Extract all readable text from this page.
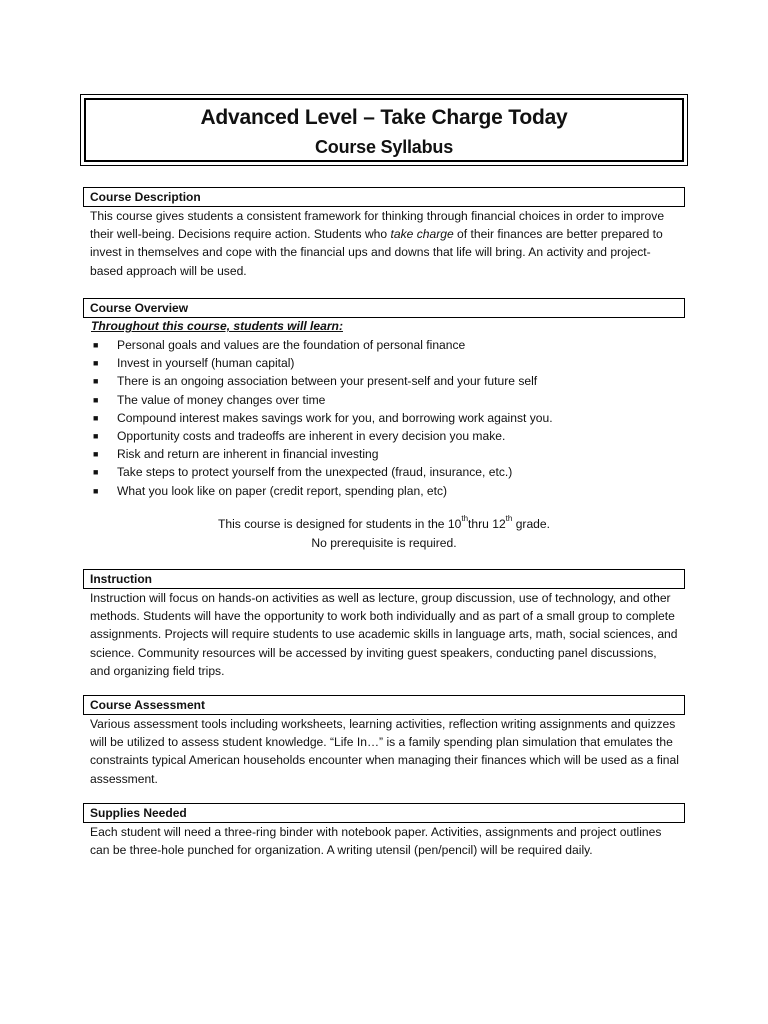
Advanced Level – Take Charge Today
Course Syllabus
Course Description
This course gives students a consistent framework for thinking through financial choices in order to improve their well-being. Decisions require action. Students who take charge of their finances are better prepared to invest in themselves and cope with the financial ups and downs that life will bring. An activity and project-based approach will be used.
Course Overview
Throughout this course, students will learn:
■ Personal goals and values are the foundation of personal finance
■ Invest in yourself (human capital)
■ There is an ongoing association between your present-self and your future self
■ The value of money changes over time
■ Compound interest makes savings work for you, and borrowing work against you.
■ Opportunity costs and tradeoffs are inherent in every decision you make.
■ Risk and return are inherent in financial investing
■ Take steps to protect yourself from the unexpected (fraud, insurance, etc.)
■ What you look like on paper (credit report, spending plan, etc)
This course is designed for students in the 10ththru 12th grade.
No prerequisite is required.
Instruction
Instruction will focus on hands-on activities as well as lecture, group discussion, use of technology, and other methods. Students will have the opportunity to work both individually and as part of a small group to complete assignments. Projects will require students to use academic skills in language arts, math, social sciences, and science. Community resources will be accessed by inviting guest speakers, conducting panel discussions, and organizing field trips.
Course Assessment
Various assessment tools including worksheets, learning activities, reflection writing assignments and quizzes will be utilized to assess student knowledge. “Life In…” is a family spending plan simulation that emulates the constraints typical American households encounter when managing their finances which will be used as a final assessment.
Supplies Needed
Each student will need a three-ring binder with notebook paper. Activities, assignments and project outlines can be three-hole punched for organization. A writing utensil (pen/pencil) will be required daily.
